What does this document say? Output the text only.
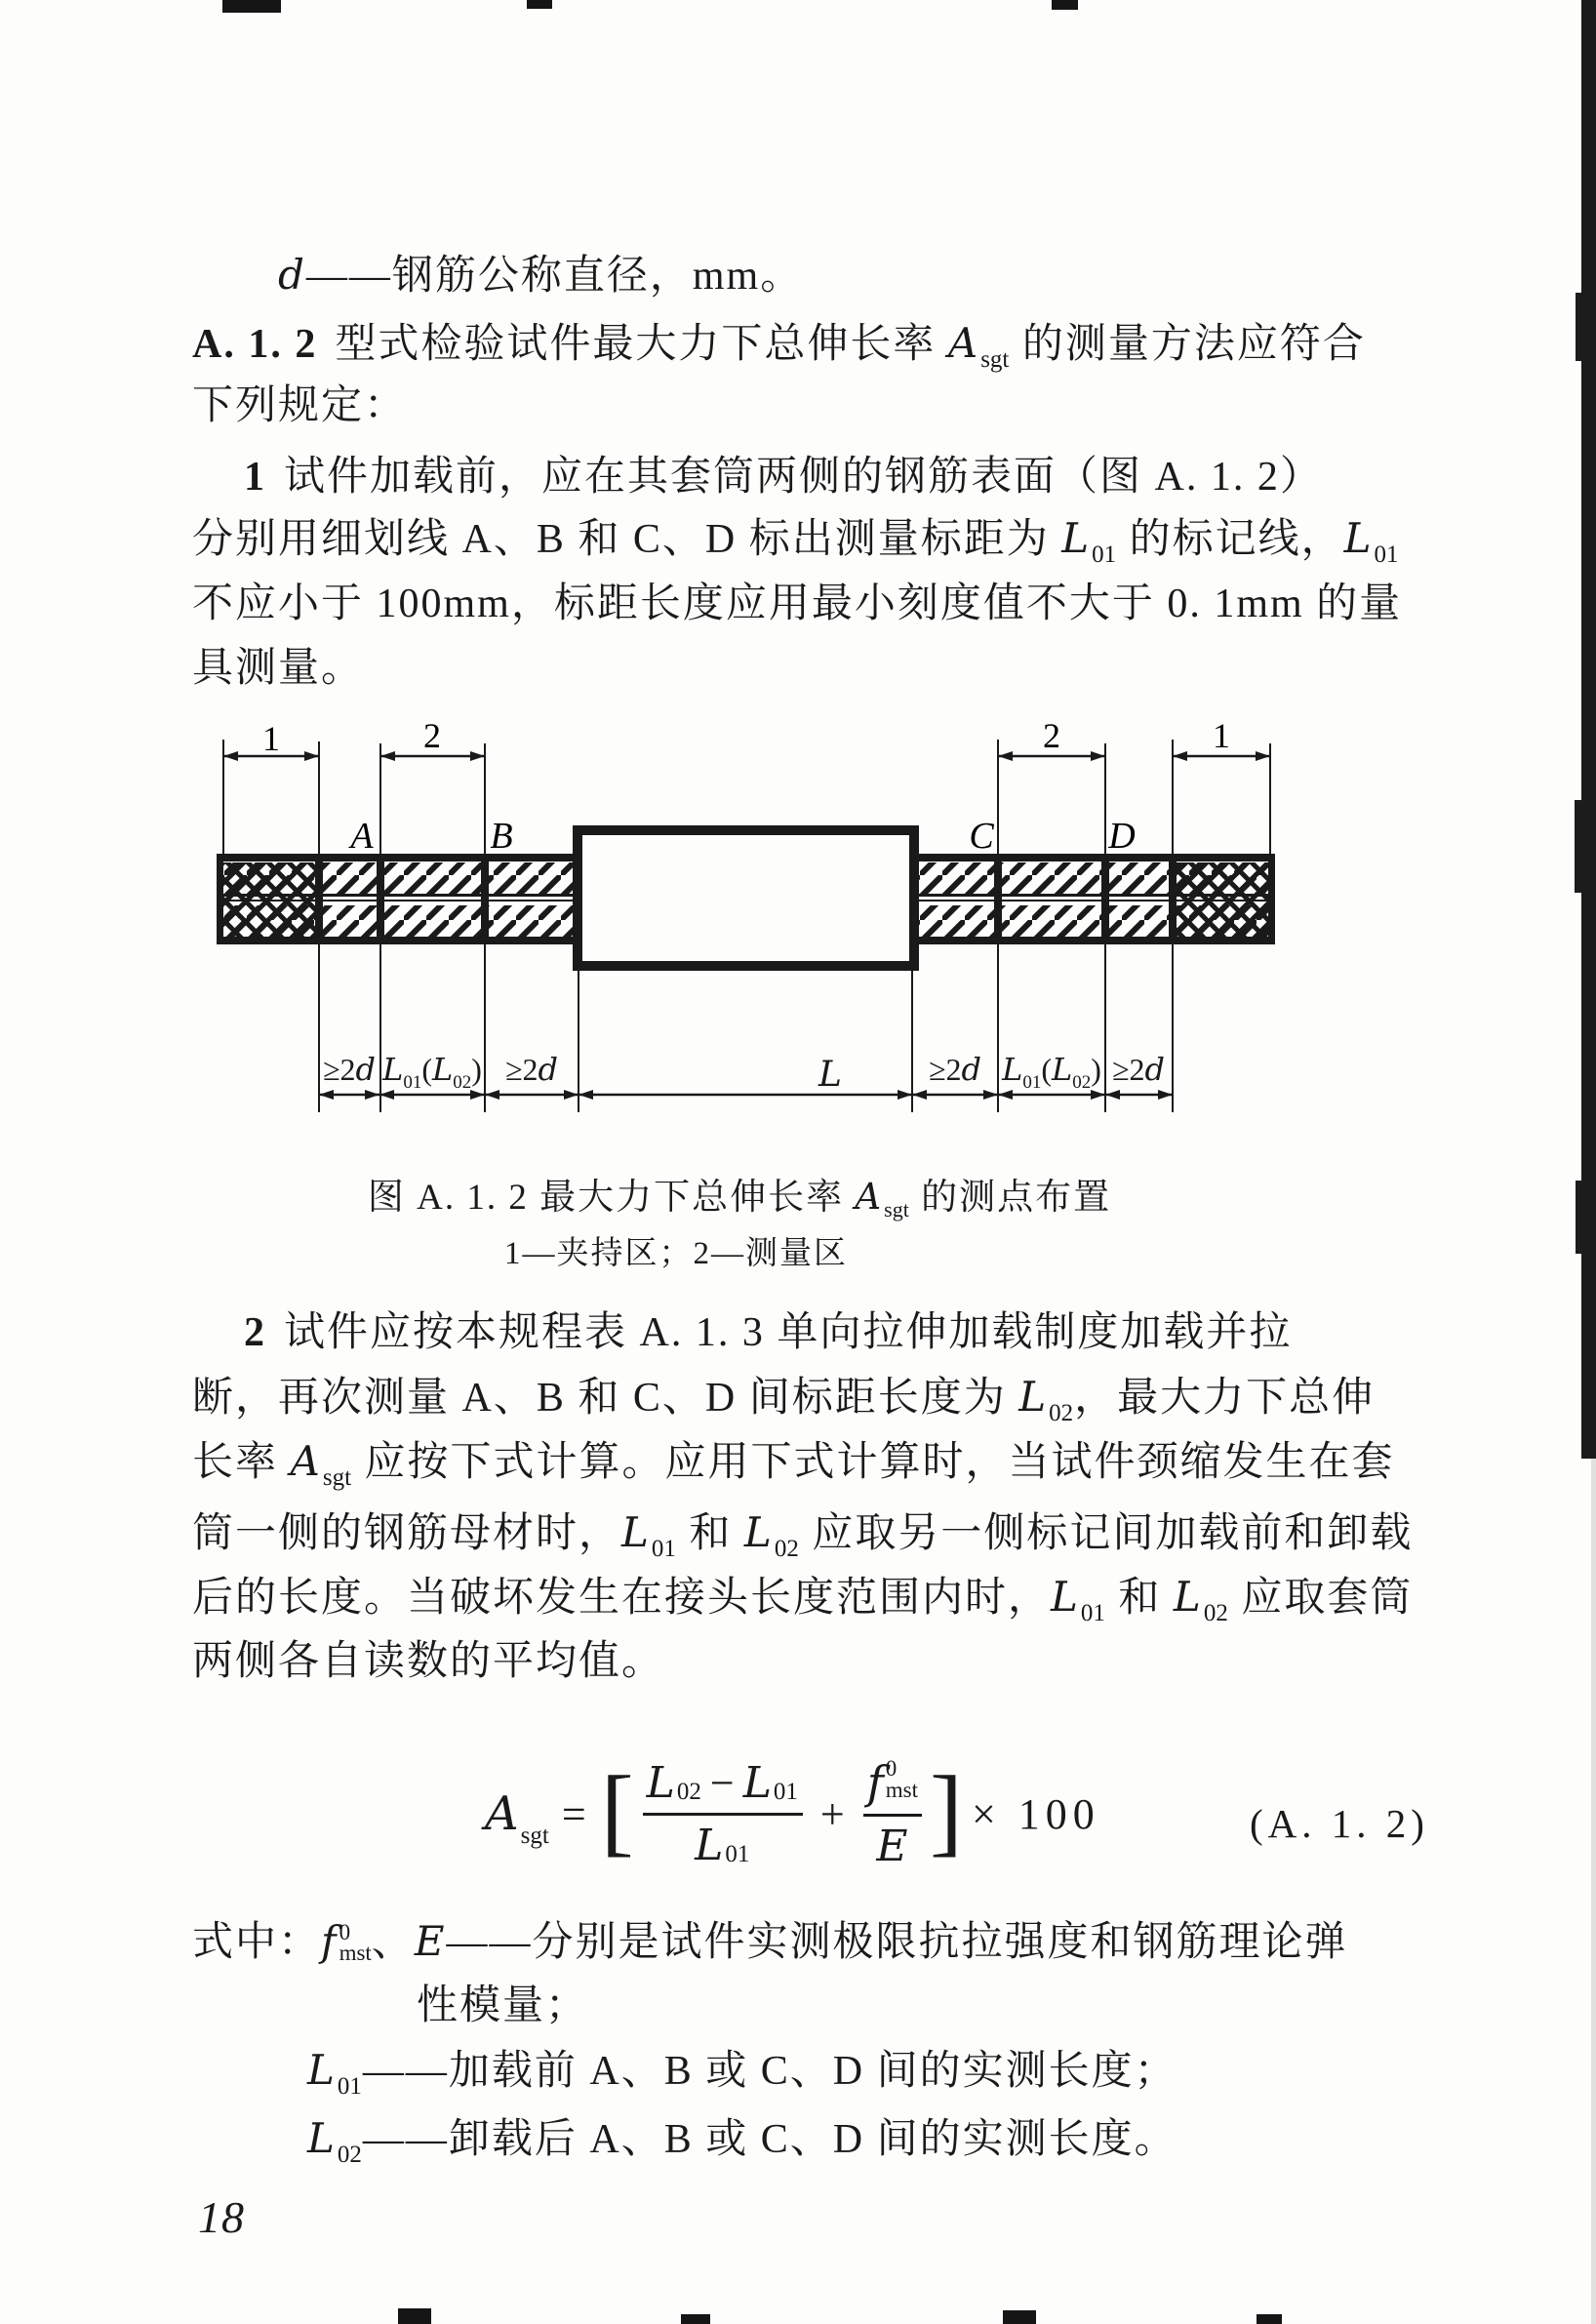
d——钢筋公称直径，mm。
A. 1. 2 型式检验试件最大力下总伸长率 $A_{sgt}$ 的测量方法应符合
下列规定：
1 试件加载前，应在其套筒两侧的钢筋表面（图 A. 1. 2）
分别用细划线 A、B 和 C、D 标出测量标距为 $L_{01}$ 的标记线，$L_{01}$
不应小于 100mm，标距长度应用最小刻度值不大于 0. 1mm 的量
具测量。
1	2	2	1
A	B	C	D
≥2d $L_{01}(L_{02}) \ge 2d$	L	≥2d $L_{01}(L_{02}) \ge 2d$
图 A. 1. 2 最大力下总伸长率 $A_{sgt}$ 的测点布置
1—夹持区；2—测量区
2 试件应按本规程表 A. 1. 3 单向拉伸加载制度加载并拉
断，再次测量 A、B 和 C、D 间标距长度为 $L_{02}$，最大力下总伸
长率 $A_{sgt}$ 应按下式计算。应用下式计算时，当试件颈缩发生在套
筒一侧的钢筋母材时，$L_{01}$ 和 $L_{02}$ 应取另一侧标记间加载前和卸载
后的长度。当破坏发生在接头长度范围内时，$L_{01}$ 和 $L_{02}$ 应取套筒
两侧各自读数的平均值。
$A_{sgt}$ = [ $\frac{L 02 - L 01}{L 01} + f$ 0
mst
E ] × 100	(A. 1. 2)
式中：f 0
mst 、E——分别是试件实测极限抗拉强度和钢筋理论弹
性模量；
$L_{01}——$加载前 A、B 或 C、D 间的实测长度；
$L_{02}——$卸载后 A、B 或 C、D 间的实测长度。
18
